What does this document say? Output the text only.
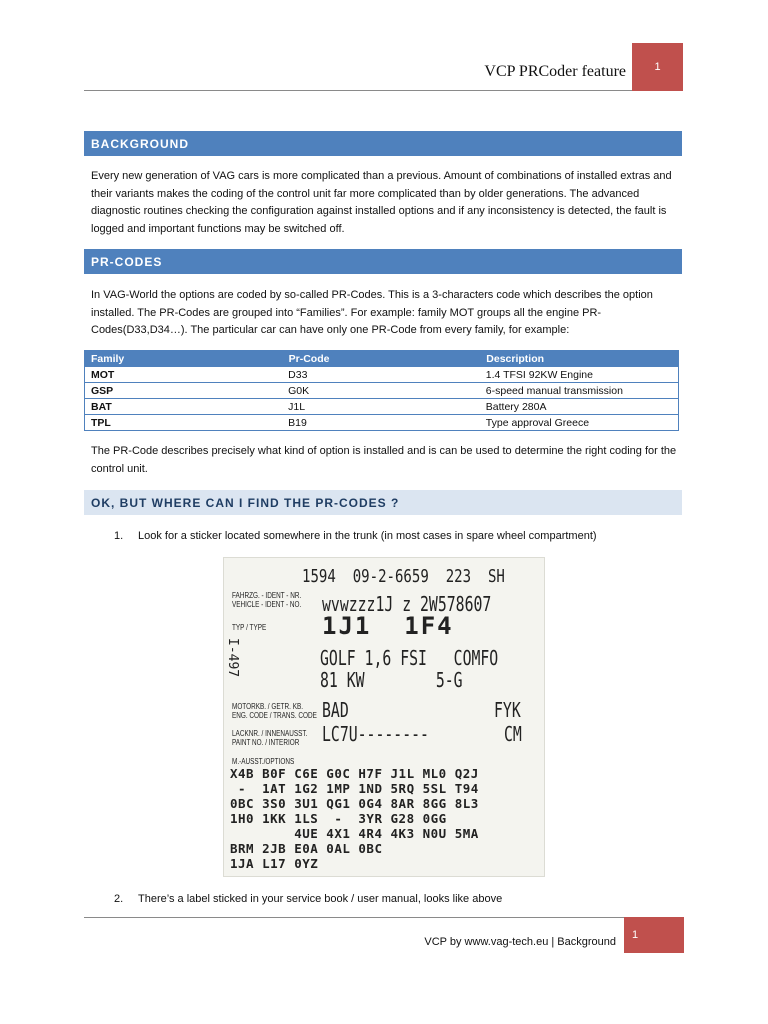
VCP PRCoder feature	1
BACKGROUND
Every new generation of VAG cars is more complicated than a previous. Amount of combinations of installed extras and their variants makes the coding of the control unit far more complicated than by older generations. The advanced diagnostic routines checking the configuration against installed options and if any inconsistency is detected, the fault is logged and important functions may be switched off.
PR-CODES
In VAG-World the options are coded by so-called PR-Codes. This is a 3-characters code which describes the option installed. The PR-Codes are grouped into “Families”. For example: family MOT groups all the engine PR-Codes(D33,D34…). The particular car can have only one PR-Code from every family, for example:
Family	Pr-Code	Description
MOT	D33	1.4 TFSI 92KW Engine
GSP	G0K	6-speed manual transmission
BAT	J1L	Battery 280A
TPL	B19	Type approval Greece
The PR-Code describes precisely what kind of option is installed and is can be used to determine the right coding for the control unit.
OK, BUT WHERE CAN I FIND THE PR-CODES ?
1. Look for a sticker located somewhere in the trunk (in most cases in spare wheel compartment)
1594  09-2-6659  223  SH
FAHRZG. - IDENT - NR.
VEHICLE - IDENT - NO. wvwzzz1J z 2W578607
TYP / TYPE 1J1  1F4
I-497	GOLF 1,6 FSI   COMFO
81 KW        5-G
MOTORKB. / GETR. KB.
ENG. CODE / TRANS. CODE BAD	FYK
LACKNR. / INNENAUSST.
PAINT NO. / INTERIOR LC7U--------	CM
M.-AUSST./OPTIONS
X4B B0F C6E G0C H7F J1L ML0 Q2J
-  1AT 1G2 1MP 1ND 5RQ 5SL T94
0BC 3S0 3U1 QG1 0G4 8AR 8GG 8L3
1H0 1KK 1LS  -  3YR G28 0GG
4UE 4X1 4R4 4K3 N0U 5MA
BRM 2JB E0A 0AL 0BC
1JA L17 0YZ
2. There’s a label sticked in your service book / user manual, looks like above
VCP by www.vag-tech.eu | Background
1
